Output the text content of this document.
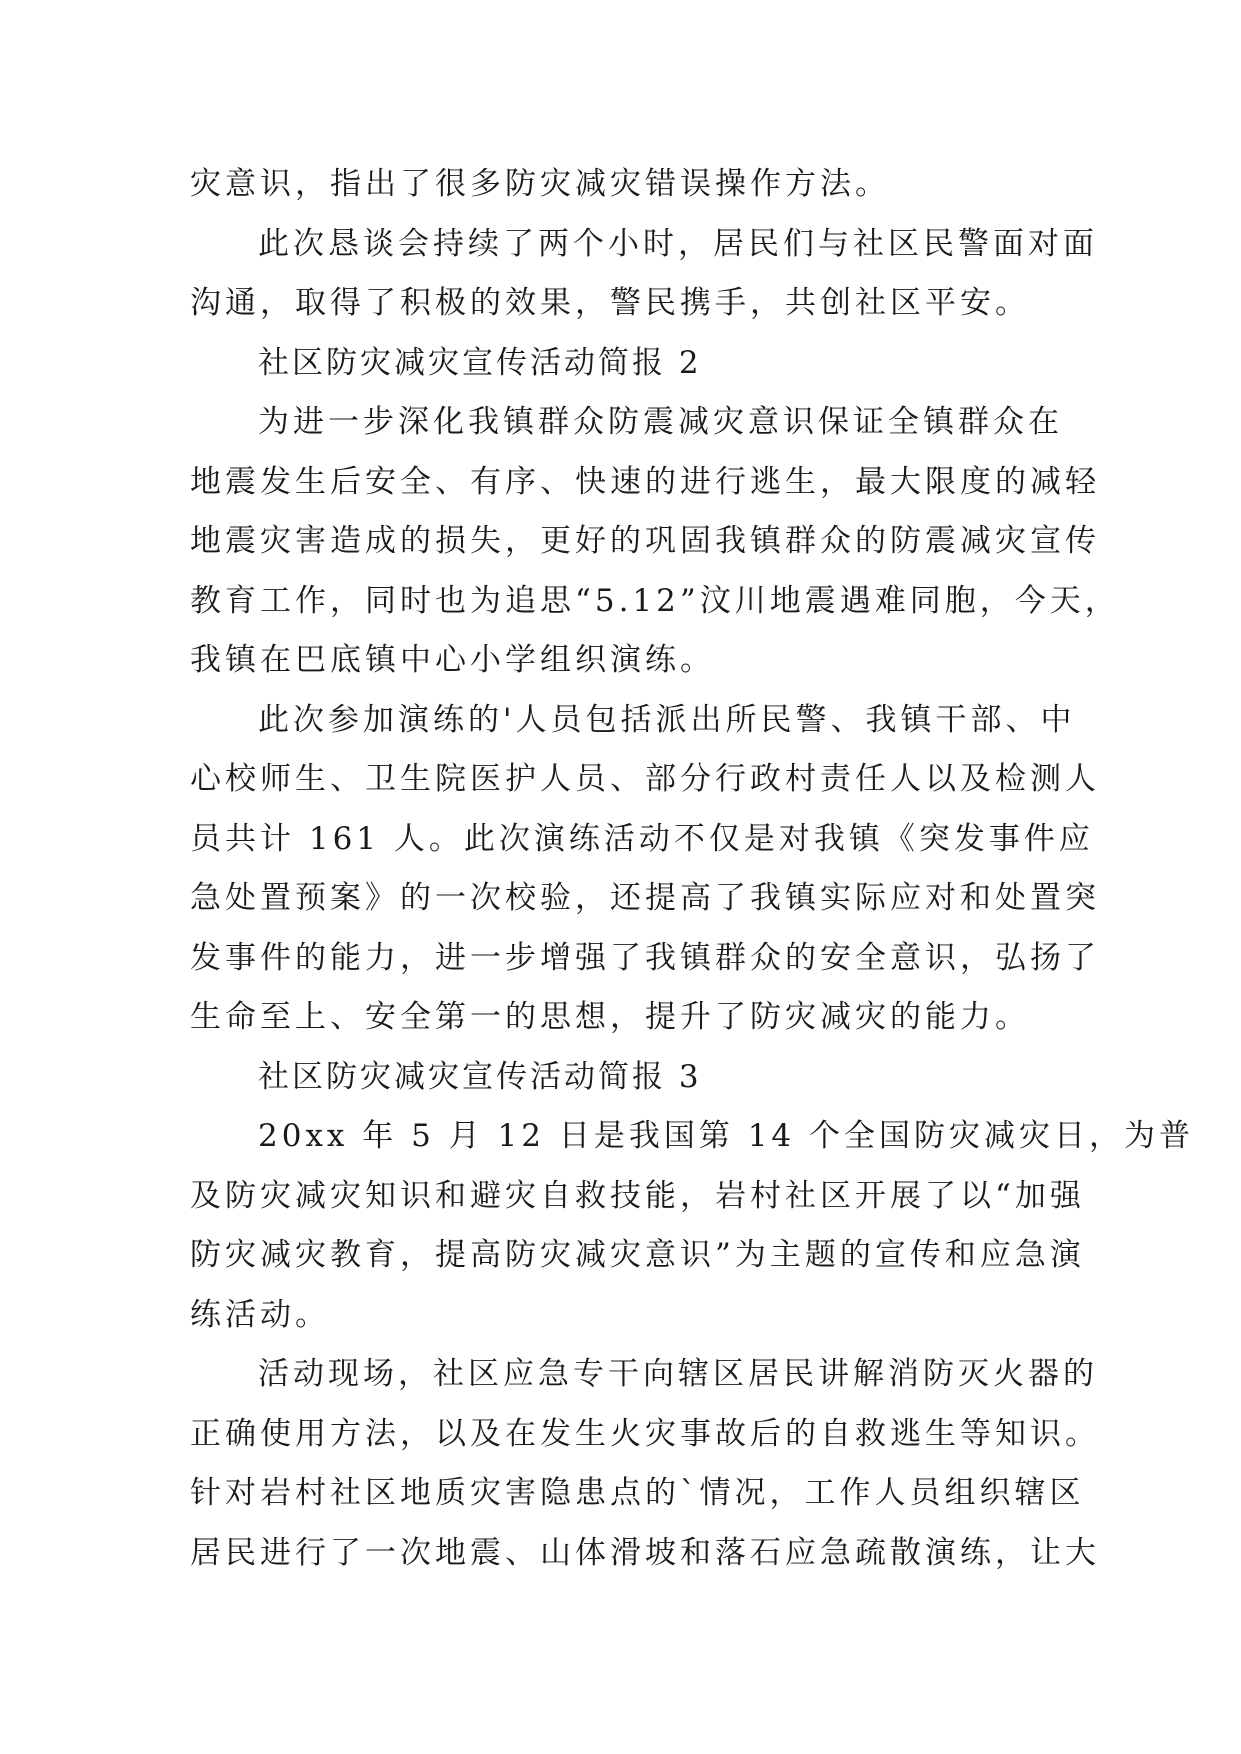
灾意识，指出了很多防灾减灾错误操作方法。
此次恳谈会持续了两个小时，居民们与社区民警面对面
沟通，取得了积极的效果，警民携手，共创社区平安。
社区防灾减灾宣传活动简报 2
为进一步深化我镇群众防震减灾意识保证全镇群众在
地震发生后安全、有序、快速的进行逃生，最大限度的减轻
地震灾害造成的损失，更好的巩固我镇群众的防震减灾宣传
教育工作，同时也为追思“5.12”汶川地震遇难同胞，今天，
我镇在巴底镇中心小学组织演练。
此次参加演练的'人员包括派出所民警、我镇干部、中
心校师生、卫生院医护人员、部分行政村责任人以及检测人
员共计 161 人。此次演练活动不仅是对我镇《突发事件应
急处置预案》的一次校验，还提高了我镇实际应对和处置突
发事件的能力，进一步增强了我镇群众的安全意识，弘扬了
生命至上、安全第一的思想，提升了防灾减灾的能力。
社区防灾减灾宣传活动简报 3
20xx 年 5 月 12 日是我国第 14 个全国防灾减灾日，为普
及防灾减灾知识和避灾自救技能，岩村社区开展了以“加强
防灾减灾教育，提高防灾减灾意识”为主题的宣传和应急演
练活动。
活动现场，社区应急专干向辖区居民讲解消防灭火器的
正确使用方法，以及在发生火灾事故后的自救逃生等知识。
针对岩村社区地质灾害隐患点的`情况，工作人员组织辖区
居民进行了一次地震、山体滑坡和落石应急疏散演练，让大
